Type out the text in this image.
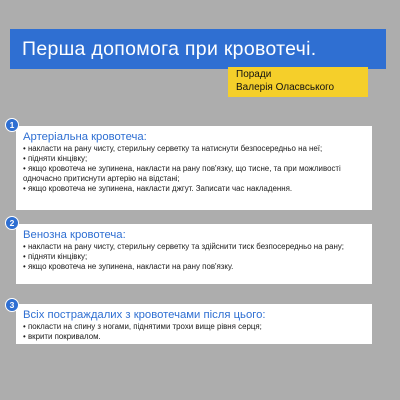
Перша допомога при кровотечі.
Поради
Валерія Оласвського
Артеріальна кровотеча:
• накласти на рану чисту, стерильну серветку та натиснути безпосередньо на неї;
• підняти кінцівку;
• якщо кровотеча не зупинена, накласти на рану пов'язку, що тисне, та при можливості одночасно притиснути артерію на відстані;
• якщо кровотеча не зупинена, накласти джгут. Записати час накладення.
1
Венозна кровотеча:
• накласти на рану чисту, стерильну серветку та здійснити тиск безпосередньо на рану;
• підняти кінцівку;
• якщо кровотеча не зупинена, накласти на рану пов'язку.
2
Всіх постраждалих з кровотечами після цього:
• покласти на спину з ногами, піднятими трохи вище рівня серця;
• вкрити покривалом.
3
